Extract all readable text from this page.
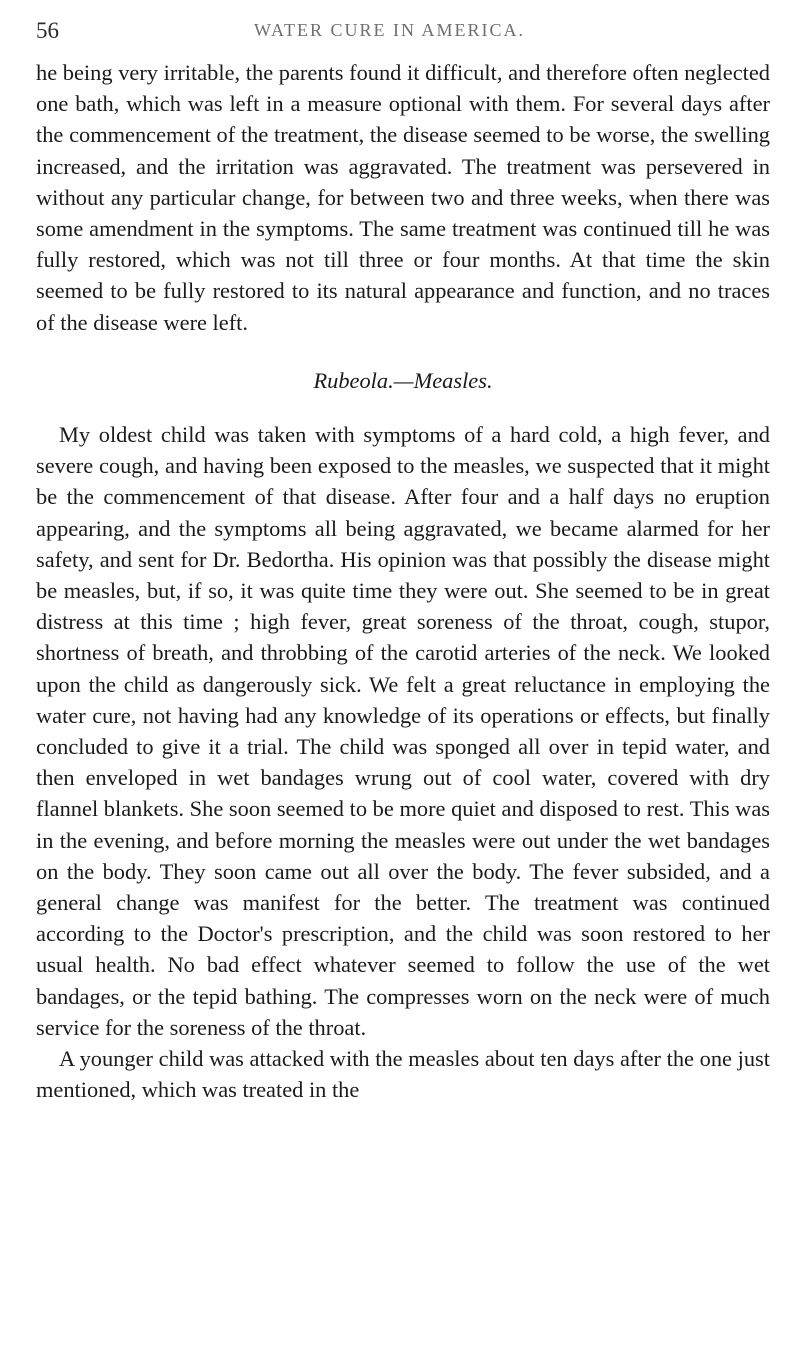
56	WATER CURE IN AMERICA.

he being very irritable, the parents found it difficult, and therefore often neglected one bath, which was left in a measure optional with them. For several days after the commencement of the treatment, the disease seemed to be worse, the swelling increased, and the irritation was aggravated. The treatment was persevered in without any particular change, for between two and three weeks, when there was some amendment in the symptoms. The same treatment was continued till he was fully restored, which was not till three or four months. At that time the skin seemed to be fully restored to its natural appearance and function, and no traces of the disease were left.

Rubeola.—Measles.

My oldest child was taken with symptoms of a hard cold, a high fever, and severe cough, and having been exposed to the measles, we suspected that it might be the commencement of that disease. After four and a half days no eruption appearing, and the symptoms all being aggravated, we became alarmed for her safety, and sent for Dr. Bedortha. His opinion was that possibly the disease might be measles, but, if so, it was quite time they were out. She seemed to be in great distress at this time ; high fever, great soreness of the throat, cough, stupor, shortness of breath, and throbbing of the carotid arteries of the neck. We looked upon the child as dangerously sick. We felt a great reluctance in employing the water cure, not having had any knowledge of its operations or effects, but finally concluded to give it a trial. The child was sponged all over in tepid water, and then enveloped in wet bandages wrung out of cool water, covered with dry flannel blankets. She soon seemed to be more quiet and disposed to rest. This was in the evening, and before morning the measles were out under the wet bandages on the body. They soon came out all over the body. The fever subsided, and a general change was manifest for the better. The treatment was continued according to the Doctor's prescription, and the child was soon restored to her usual health. No bad effect whatever seemed to follow the use of the wet bandages, or the tepid bathing. The compresses worn on the neck were of much service for the soreness of the throat.

A younger child was attacked with the measles about ten days after the one just mentioned, which was treated in the
